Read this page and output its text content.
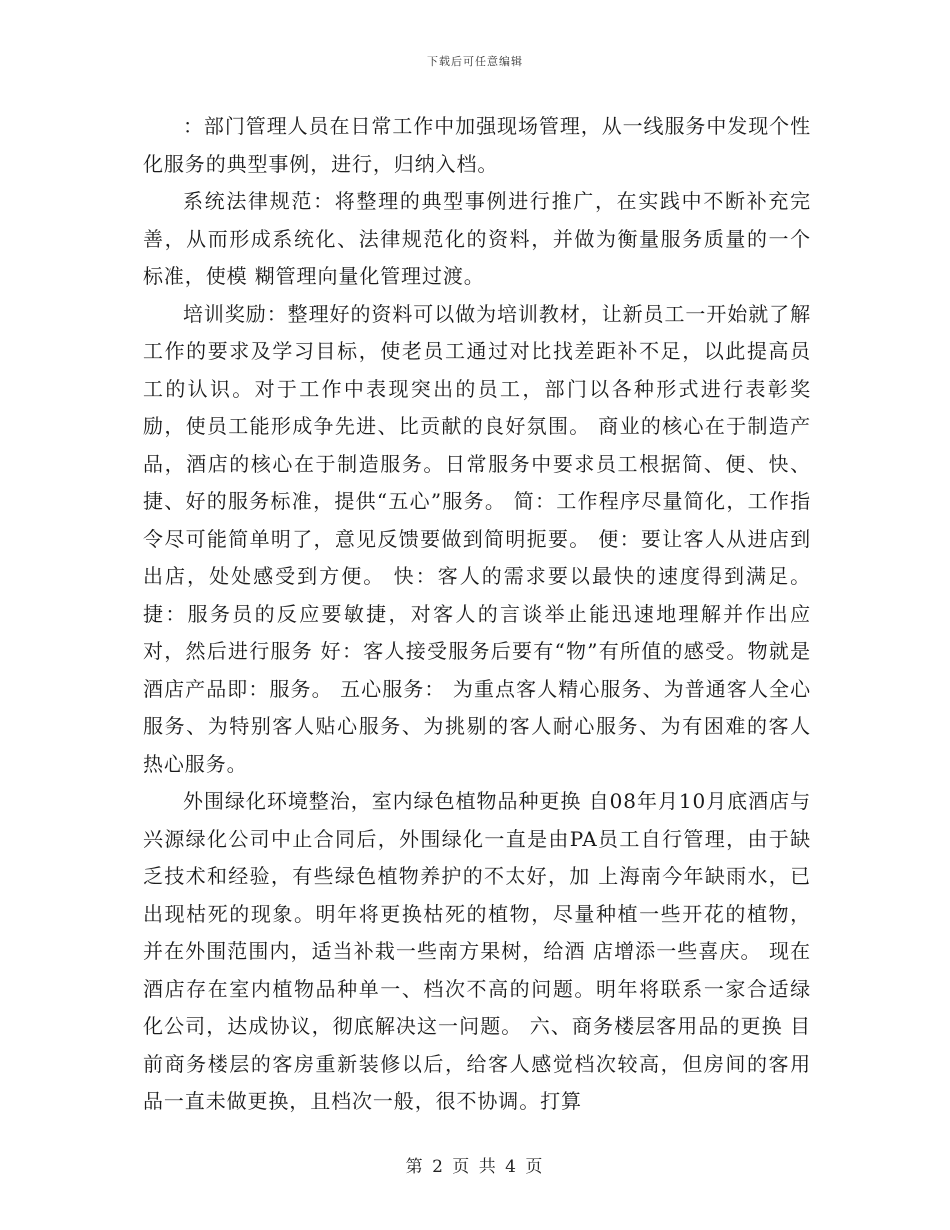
下载后可任意编辑

：部门管理人员在日常工作中加强现场管理，从一线服务中发现个性化服务的典型事例，进行，归纳入档。

系统法律规范：将整理的典型事例进行推广，在实践中不断补充完善，从而形成系统化、法律规范化的资料，并做为衡量服务质量的一个标准，使模 糊管理向量化管理过渡。

培训奖励：整理好的资料可以做为培训教材，让新员工一开始就了解工作的要求及学习目标，使老员工通过对比找差距补不足，以此提高员 工的认识。对于工作中表现突出的员工，部门以各种形式进行表彰奖励，使员工能形成争先进、比贡献的良好氛围。 商业的核心在于制造产品，酒店的核心在于制造服务。日常服务中要求员工根据简、便、快、捷、好的服务标准，提供“五心”服务。 简：工作程序尽量简化，工作指令尽可能简单明了，意见反馈要做到简明扼要。 便：要让客人从进店到出店，处处感受到方便。 快：客人的需求要以最快的速度得到满足。 捷：服务员的反应要敏捷，对客人的言谈举止能迅速地理解并作出应对，然后进行服务 好：客人接受服务后要有“物”有所值的感受。物就是酒店产品即：服务。 五心服务： 为重点客人精心服务、为普通客人全心服务、为特别客人贴心服务、为挑剔的客人耐心服务、为有困难的客人热心服务。

外围绿化环境整治，室内绿色植物品种更换 自08年月10月底酒店与兴源绿化公司中止合同后，外围绿化一直是由PA员工自行管理，由于缺乏技术和经验，有些绿色植物养护的不太好，加 上海南今年缺雨水，已出现枯死的现象。明年将更换枯死的植物，尽量种植一些开花的植物，并在外围范围内，适当补栽一些南方果树，给酒 店增添一些喜庆。 现在酒店存在室内植物品种单一、档次不高的问题。明年将联系一家合适绿化公司，达成协议，彻底解决这一问题。 六、商务楼层客用品的更换 目前商务楼层的客房重新装修以后，给客人感觉档次较高，但房间的客用品一直未做更换，且档次一般，很不协调。打算

第 2 页 共 4 页
